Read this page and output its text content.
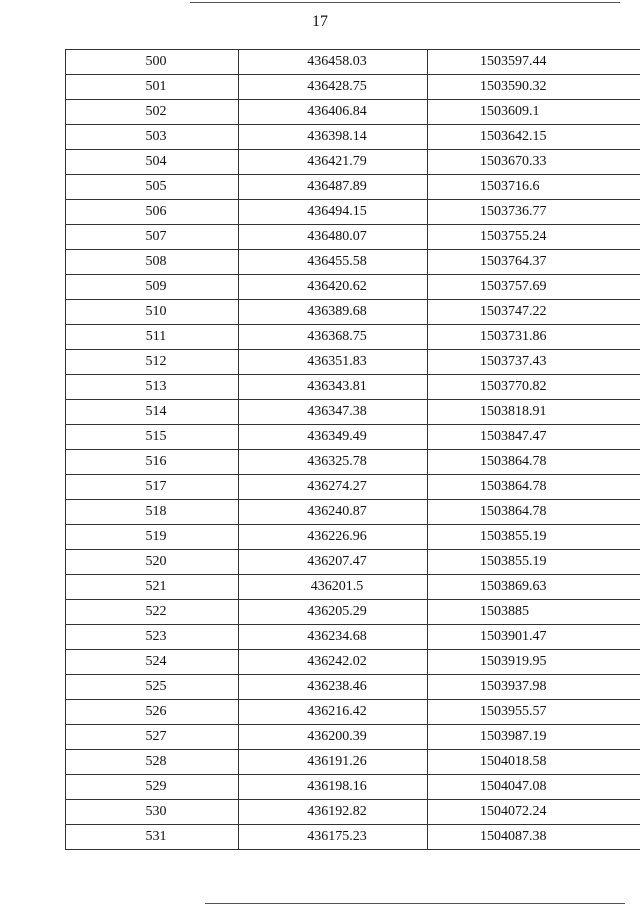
17
500	436458.03	1503597.44
501	436428.75	1503590.32
502	436406.84	1503609.1
503	436398.14	1503642.15
504	436421.79	1503670.33
505	436487.89	1503716.6
506	436494.15	1503736.77
507	436480.07	1503755.24
508	436455.58	1503764.37
509	436420.62	1503757.69
510	436389.68	1503747.22
511	436368.75	1503731.86
512	436351.83	1503737.43
513	436343.81	1503770.82
514	436347.38	1503818.91
515	436349.49	1503847.47
516	436325.78	1503864.78
517	436274.27	1503864.78
518	436240.87	1503864.78
519	436226.96	1503855.19
520	436207.47	1503855.19
521	436201.5	1503869.63
522	436205.29	1503885
523	436234.68	1503901.47
524	436242.02	1503919.95
525	436238.46	1503937.98
526	436216.42	1503955.57
527	436200.39	1503987.19
528	436191.26	1504018.58
529	436198.16	1504047.08
530	436192.82	1504072.24
531	436175.23	1504087.38
